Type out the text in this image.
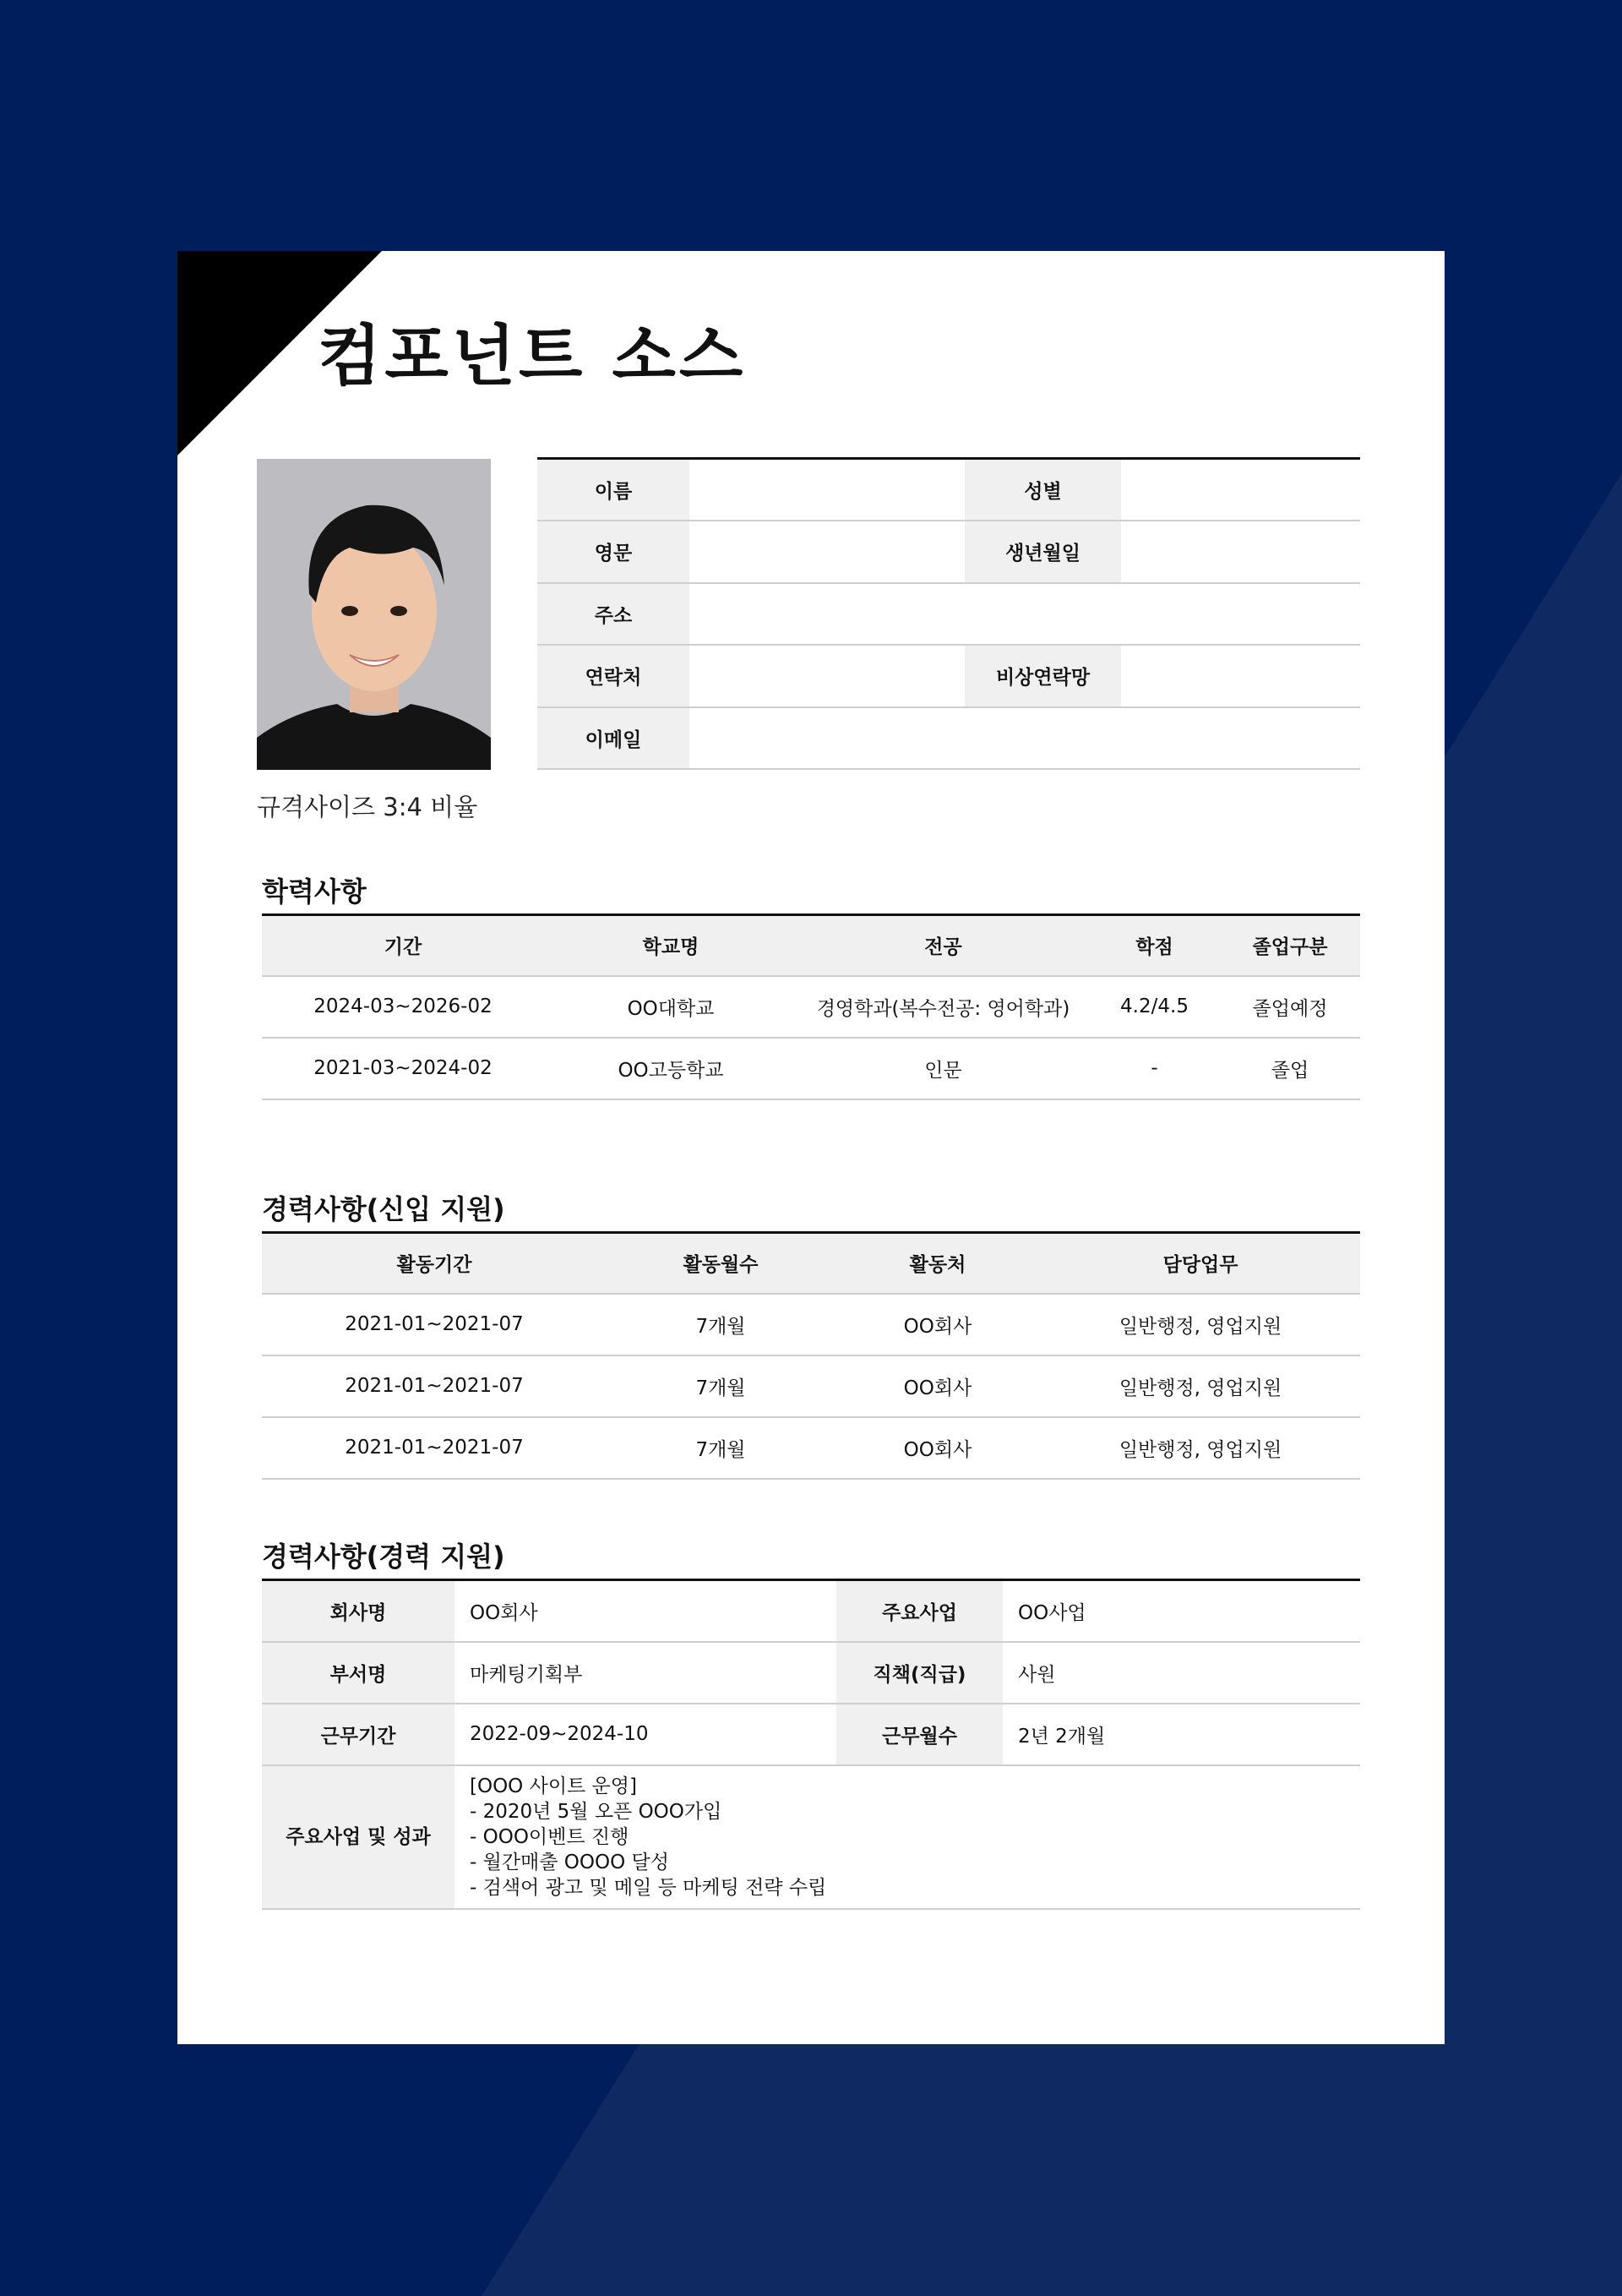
컴포넌트 소스
규격사이즈 3:4 비율
이름		성별	
영문		생년월일	
주소			
연락처		비상연락망	
이메일			
학력사항
기간	학교명	전공	학점	졸업구분
2024-03~2026-02	OO대학교	경영학과(복수전공: 영어학과)	4.2/4.5	졸업예정
2021-03~2024-02	OO고등학교	인문	-	졸업
경력사항(신입 지원)
활동기간	활동월수	활동처	담당업무
2021-01~2021-07	7개월	OO회사	일반행정, 영업지원
2021-01~2021-07	7개월	OO회사	일반행정, 영업지원
2021-01~2021-07	7개월	OO회사	일반행정, 영업지원
경력사항(경력 지원)
회사명	OO회사	주요사업	OO사업
부서명	마케팅기획부	직책(직급)	사원
근무기간	2022-09~2024-10	근무월수	2년 2개월
주요사업 및 성과	[OOO 사이트 운영]
- 2020년 5월 오픈 OOO가입
- OOO이벤트 진행
- 월간매출 OOOO 달성
- 검색어 광고 및 메일 등 마케팅 전략 수립		
